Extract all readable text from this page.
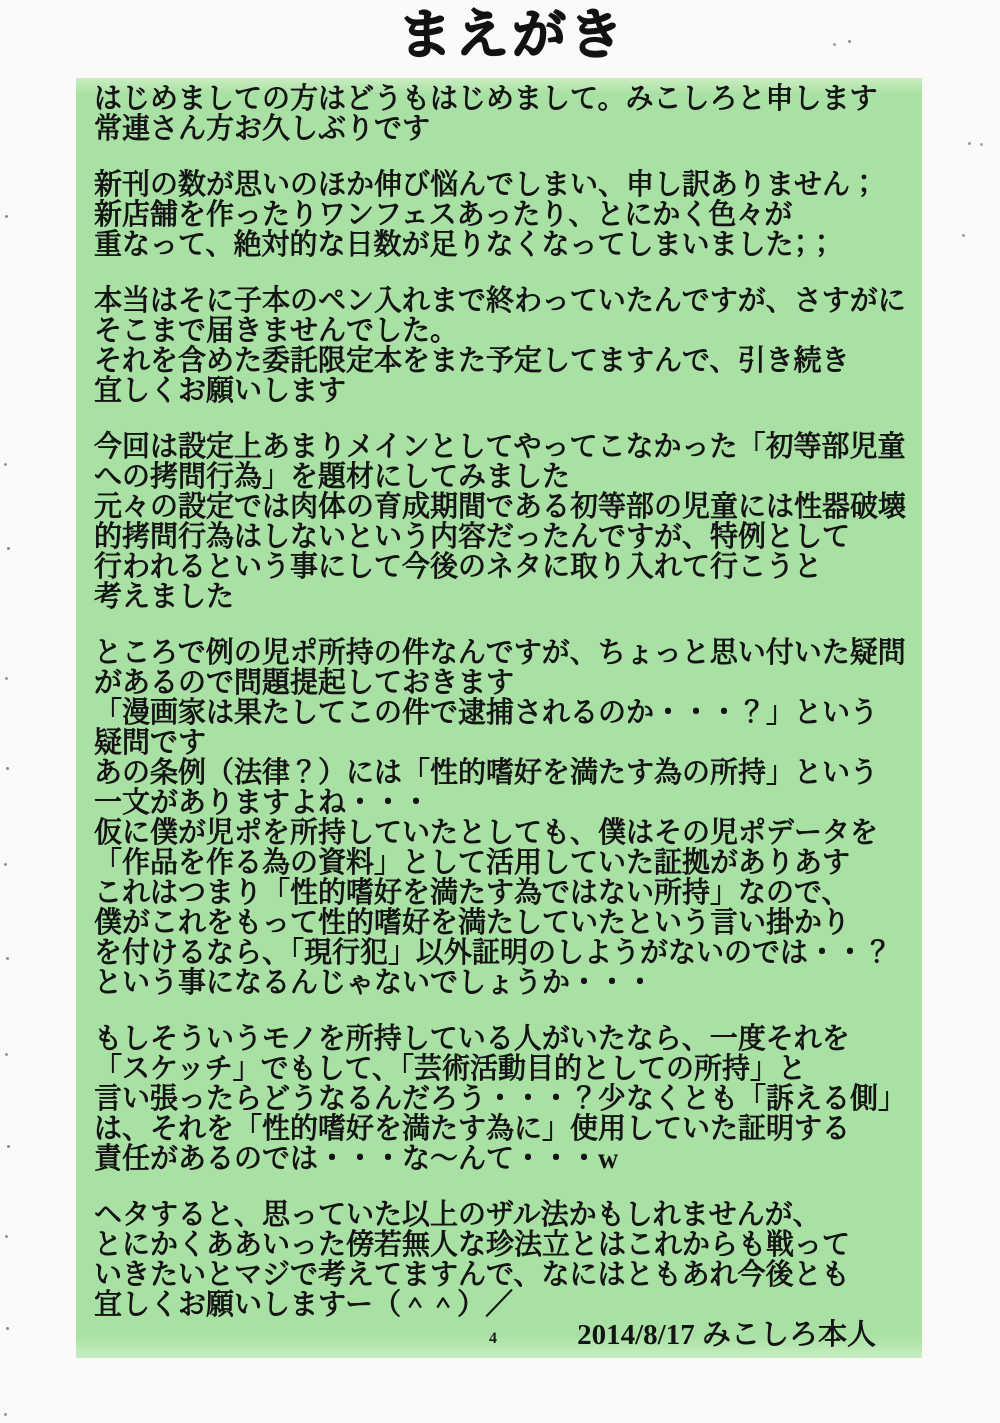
まえがき

はじめましての方はどうもはじめまして。みこしろと申します
常連さん方お久しぶりです

新刊の数が思いのほか伸び悩んでしまい、申し訳ありません；
新店舗を作ったりワンフェスあったり、とにかく色々が
重なって、絶対的な日数が足りなくなってしまいました；；

本当はそに子本のペン入れまで終わっていたんですが、さすがに
そこまで届きませんでした。
それを含めた委託限定本をまた予定してますんで、引き続き
宜しくお願いします

今回は設定上あまりメインとしてやってこなかった「初等部児童
への拷問行為」を題材にしてみました
元々の設定では肉体の育成期間である初等部の児童には性器破壊
的拷問行為はしないという内容だったんですが、特例として
行われるという事にして今後のネタに取り入れて行こうと
考えました

ところで例の児ポ所持の件なんですが、ちょっと思い付いた疑問
があるので問題提起しておきます
「漫画家は果たしてこの件で逮捕されるのか・・・？」という
疑問です
あの条例（法律？）には「性的嗜好を満たす為の所持」という
一文がありますよね・・・
仮に僕が児ポを所持していたとしても、僕はその児ポデータを
「作品を作る為の資料」として活用していた証拠がありあす
これはつまり「性的嗜好を満たす為ではない所持」なので、
僕がこれをもって性的嗜好を満たしていたという言い掛かり
を付けるなら、「現行犯」以外証明のしようがないのでは・・？
という事になるんじゃないでしょうか・・・

もしそういうモノを所持している人がいたなら、一度それを
「スケッチ」でもして、「芸術活動目的としての所持」と
言い張ったらどうなるんだろう・・・？少なくとも「訴える側」
は、それを「性的嗜好を満たす為に」使用していた証明する
責任があるのでは・・・な〜んて・・・w

ヘタすると、思っていた以上のザル法かもしれませんが、
とにかくああいった傍若無人な珍法立とはこれからも戦って
いきたいとマジで考えてますんで、なにはともあれ今後とも
宜しくお願いしますー（＾＾）／

2014/8/17 みこしろ本人
4
